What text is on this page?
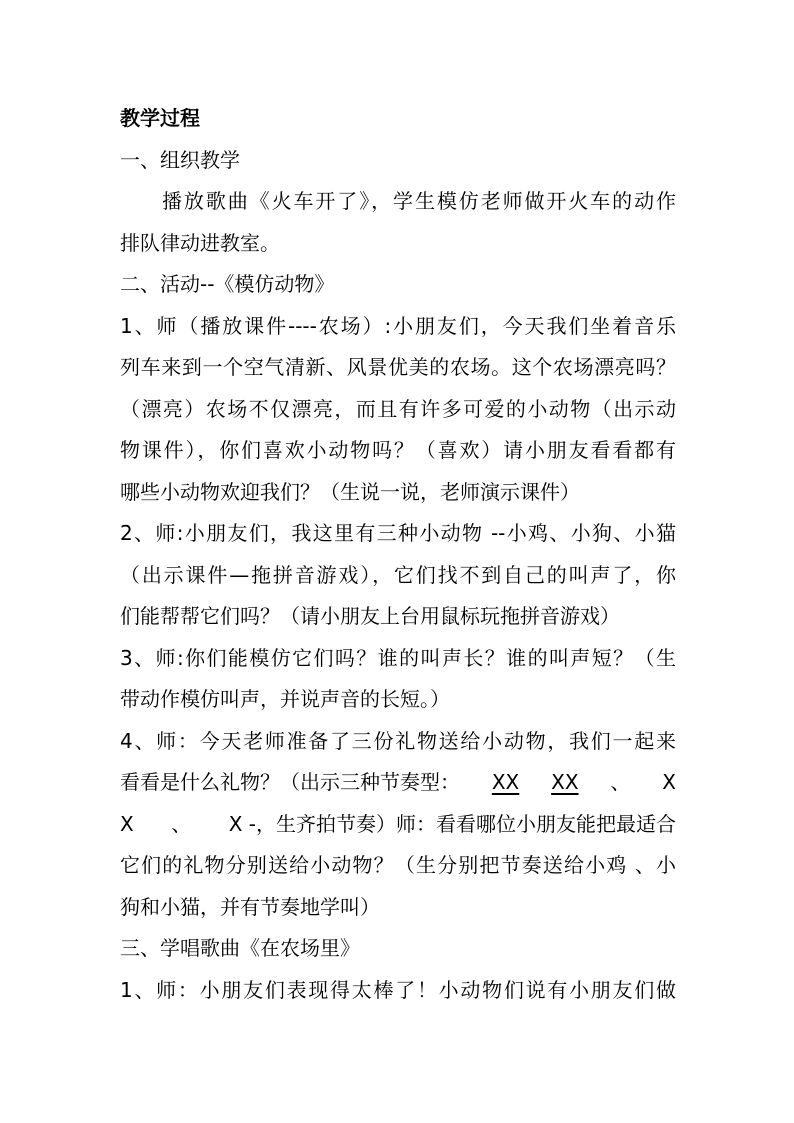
教学过程
一、组织教学
播放歌曲《火车开了》，学生模仿老师做开火车的动作
排队律动进教室。
二、活动--《模仿动物》
1、师（播放课件----农场）:小朋友们，今天我们坐着音乐
列车来到一个空气清新、风景优美的农场。这个农场漂亮吗？
（漂亮）农场不仅漂亮，而且有许多可爱的小动物（出示动
物课件），你们喜欢小动物吗？（喜欢）请小朋友看看都有
哪些小动物欢迎我们？（生说一说，老师演示课件）
2、师:小朋友们，我这里有三种小动物 --小鸡、小狗、小猫
（出示课件—拖拼音游戏），它们找不到自己的叫声了，你
们能帮帮它们吗？（请小朋友上台用鼠标玩拖拼音游戏）
3、师:你们能模仿它们吗？谁的叫声长？谁的叫声短？（生
带动作模仿叫声，并说声音的长短。）
4、师：今天老师准备了三份礼物送给小动物，我们一起来
看看是什么礼物？（出示三种节奏型： XX XX 、 X
X 、 X -，生齐拍节奏）师：看看哪位小朋友能把最适合
它们的礼物分别送给小动物？（生分别把节奏送给小鸡 、小
狗和小猫，并有节奏地学叫）
三、学唱歌曲《在农场里》
1、师：小朋友们表现得太棒了！小动物们说有小朋友们做
